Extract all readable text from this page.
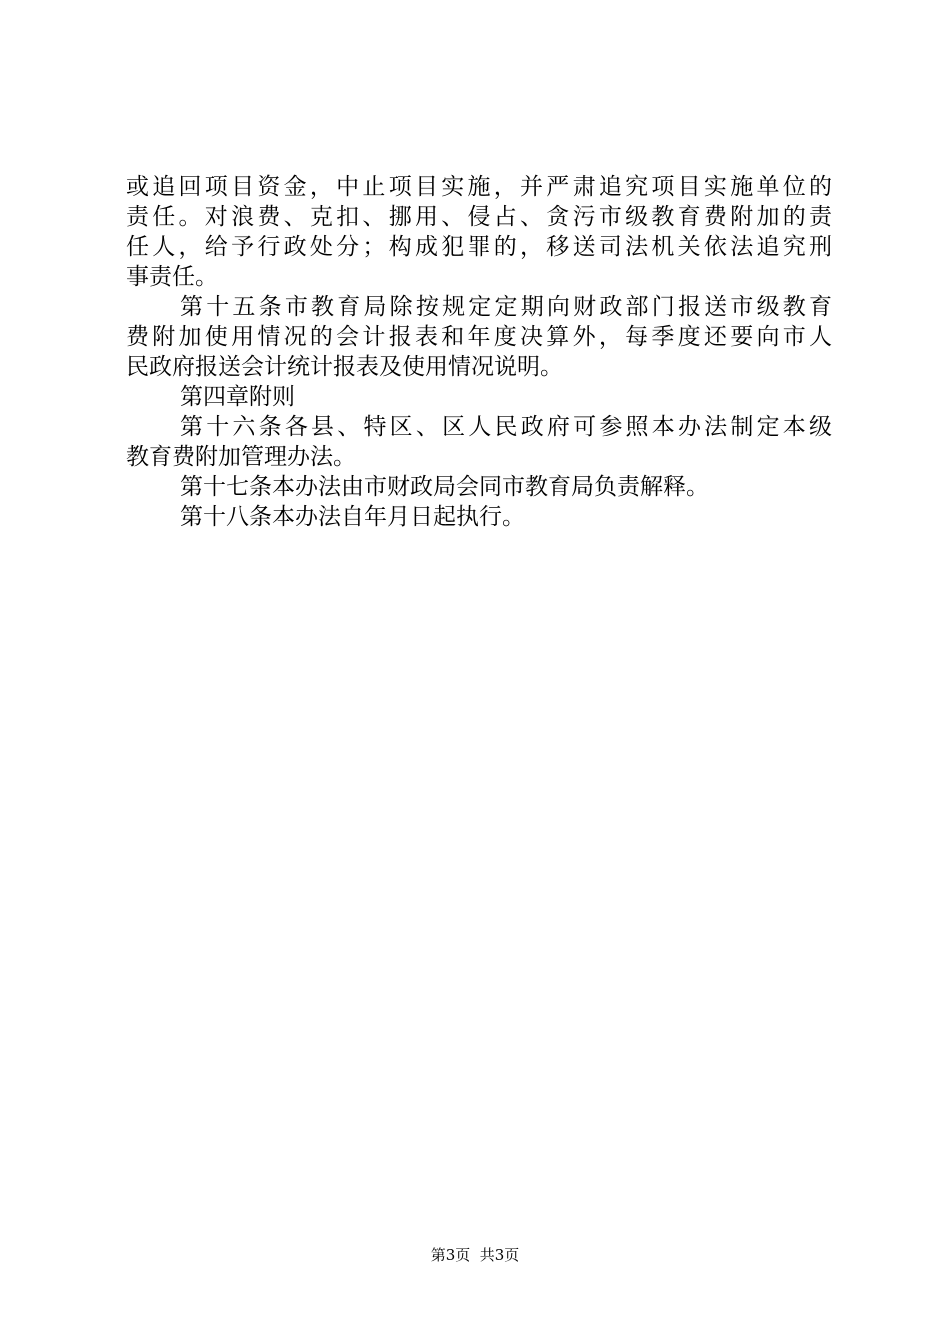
或追回项目资金，中止项目实施，并严肃追究项目实施单位的
责任。对浪费、克扣、挪用、侵占、贪污市级教育费附加的责
任人，给予行政处分；构成犯罪的，移送司法机关依法追究刑
事责任。
第十五条市教育局除按规定定期向财政部门报送市级教育
费附加使用情况的会计报表和年度决算外，每季度还要向市人
民政府报送会计统计报表及使用情况说明。
第四章附则
第十六条各县、特区、区人民政府可参照本办法制定本级
教育费附加管理办法。
第十七条本办法由市财政局会同市教育局负责解释。
第十八条本办法自年月日起执行。
第3页  共3页
